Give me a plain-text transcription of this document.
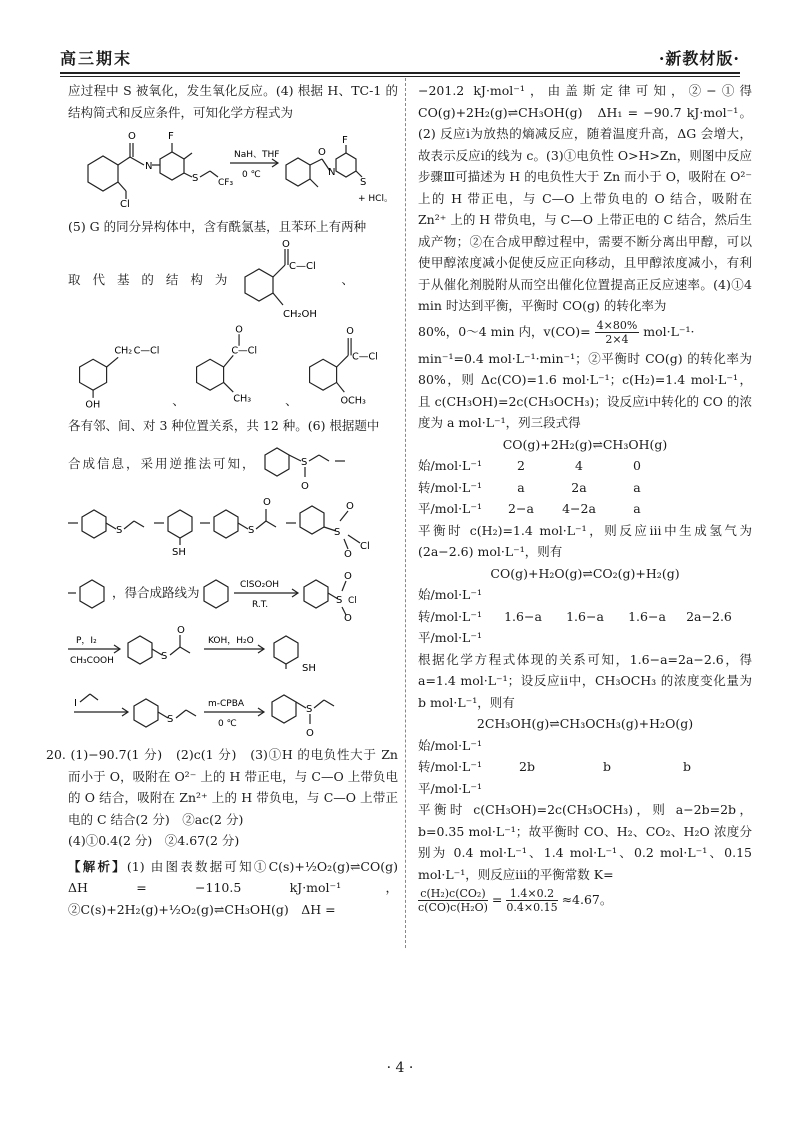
高三期末	·新教材版·

应过程中 S 被氧化，发生氧化反应。(4) 根据 H、TC-1 的结构简式和反应条件，可知化学方程式为

O
N
Cl
F
S CF₃
NaH、THF
0 ℃
O
N
F
S
+ HCl。

(5) G 的同分异构体中，含有酰氯基，且苯环上有两种

取 代 基 的 结 构 为
O
C—Cl
CH₂OH
、
CH₂ C—Cl
OH	、
O
C—Cl
CH₃	、
O
C—Cl
OCH₃

各有邻、间、对 3 种位置关系，共 12 种。(6) 根据题中

合成信息，采用逆推法可知，	S
O
S
SH
S
O
S
O
O
Cl
，得合成路线为
ClSO₂OH
R.T.	S
O
O
Cl
P，I₂
CH₃COOH	S
O
KOH，H₂O
SH

I
S
m-CPBA
0 ℃
S
O

20. (1)−90.7(1 分)　(2)c(1 分)　(3)①H 的电负性大于 Zn 而小于 O，吸附在 O²⁻ 上的 H 带正电，与 C—O 上带负电的 O 结合，吸附在 Zn²⁺ 上的 H 带负电，与 C—O 上带正电的 C 结合(2 分)　②ac(2 分)

(4)①0.4(2 分)　②4.67(2 分)

【解析】(1) 由图表数据可知①C(s)+½O₂(g)⇌CO(g)　ΔH = −110.5 kJ·mol⁻¹，②C(s)+2H₂(g)+½O₂(g)⇌CH₃OH(g)　ΔH =

−201.2 kJ·mol⁻¹，由盖斯定律可知，②−①得 CO(g)+2H₂(g)⇌CH₃OH(g)　ΔH₁ = −90.7 kJ·mol⁻¹。(2) 反应ⅰ为放热的熵减反应，随着温度升高，ΔG 会增大，故表示反应ⅰ的线为 c。(3)①电负性 O>H>Zn，则图中反应步骤Ⅲ可描述为 H 的电负性大于 Zn 而小于 O，吸附在 O²⁻ 上的 H 带正电，与 C—O 上带负电的 O 结合，吸附在 Zn²⁺ 上的 H 带负电，与 C—O 上带正电的 C 结合，然后生成产物；②在合成甲醇过程中，需要不断分离出甲醇，可以使甲醇浓度减小促使反应正向移动，且甲醇浓度减小，有利于从催化剂脱附从而空出催化位置提高正反应速率。(4)①4 min 时达到平衡，平衡时 CO(g) 的转化率为

80%，0～4 min 内，$v(CO)= \frac{4\times 80\%}{2\times 4} mol\cdot L^{-1}\cdot$

min⁻¹=0.4 mol·L⁻¹·min⁻¹；②平衡时 CO(g) 的转化率为 80%，则 Δc(CO)=1.6 mol·L⁻¹；c(H₂)=1.4 mol·L⁻¹，且 c(CH₃OH)=2c(CH₃OCH₃)；设反应ⅰ中转化的 CO 的浓度为 a mol·L⁻¹，列三段式得

CO(g)+2H₂(g)⇌CH₃OH(g)
始/mol·L⁻¹	2	4	0
转/mol·L⁻¹	a	2a	a
平/mol·L⁻¹	2−a	4−2a	a

平衡时 c(H₂)=1.4 mol·L⁻¹，则反应ⅲ中生成氢气为(2a−2.6) mol·L⁻¹，则有

CO(g)+H₂O(g)⇌CO₂(g)+H₂(g)
始/mol·L⁻¹
转/mol·L⁻¹	1.6−a	1.6−a	1.6−a	2a−2.6
平/mol·L⁻¹

根据化学方程式体现的关系可知，1.6−a=2a−2.6，得 a=1.4 mol·L⁻¹；设反应ⅱ中，CH₃OCH₃ 的浓度变化量为 b mol·L⁻¹，则有

2CH₃OH(g)⇌CH₃OCH₃(g)+H₂O(g)
始/mol·L⁻¹
转/mol·L⁻¹	2b	b	b
平/mol·L⁻¹

平衡时 c(CH₃OH)=2c(CH₃OCH₃)，则 a−2b=2b，b=0.35 mol·L⁻¹；故平衡时 CO、H₂、CO₂、H₂O 浓度分别为 0.4 mol·L⁻¹、1.4 mol·L⁻¹、0.2 mol·L⁻¹、0.15 mol·L⁻¹，则反应ⅲ的平衡常数 K=

$\frac{\text{c(H₂)c(CO₂)}}{\text{c(CO)c(H₂O)}} = \frac{1.4\times 0.2}{0.4\times 0.15} \approx 4.67$。

· 4 ·
